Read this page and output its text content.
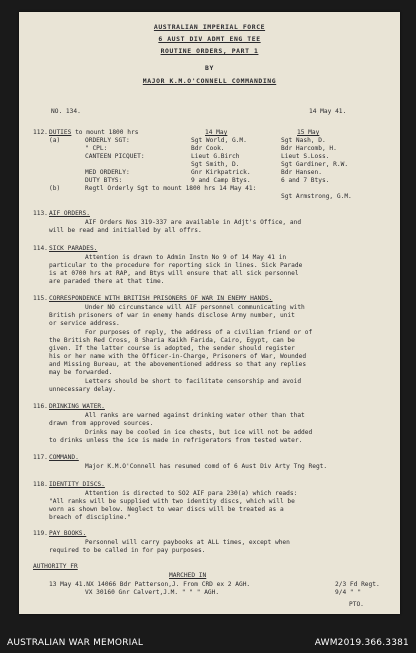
AUSTRALIAN IMPERIAL FORCE
6 AUST DIV ADMT ENG TEE
ROUTINE ORDERS, PART 1
BY
MAJOR K.M.O'CONNELL COMMANDING
NO. 134.	14 May 41.
112. DUTIES to mount 1800 hrs	14 May	15 May
(a)	ORDERLY SGT:	Sgt World, G.M.	Sgt Nash, D.
" CPL:	Bdr Cook.	Bdr Harcomb, H.
CANTEEN PICQUET:	Lieut G.Birch	Lieut S.Loss.
Sgt Smith, D.	Sgt Gardiner, R.W.
MED ORDERLY:	Gnr Kirkpatrick.	Bdr Hansen.
DUTY BTYS:	9 and Camp Btys.	6 and 7 Btys.
(b)	Regtl Orderly Sgt to mount 1800 hrs 14 May 41:
Sgt Armstrong, G.M.
113. AIF ORDERS.
AIF Orders Nos 319-337 are available in Adjt's Office, and
will be read and initialled by all offrs.
114. SICK PARADES.
Attention is drawn to Admin Instn No 9 of 14 May 41 in
particular to the procedure for reporting sick in lines. Sick Parade
is at 0700 hrs at RAP, and Btys will ensure that all sick personnel
are paraded there at that time.
115. CORRESPONDENCE WITH BRITISH PRISONERS OF WAR IN ENEMY HANDS.
Under NO circumstance will AIF personnel communicating with
British prisoners of war in enemy hands disclose Army number, unit
or service address.
For purposes of reply, the address of a civilian friend or of
the British Red Cross, 8 Sharia Kaikh Farida, Cairo, Egypt, can be
given. If the latter course is adopted, the sender should register
his or her name with the Officer-in-Charge, Prisoners of War, Wounded
and Missing Bureau, at the abovementioned address so that any replies
may be forwarded.
Letters should be short to facilitate censorship and avoid
unnecessary delay.
116. DRINKING WATER.
All ranks are warned against drinking water other than that
drawn from approved sources.
Drinks may be cooled in ice chests, but ice will not be added
to drinks unless the ice is made in refrigerators from tested water.
117. COMMAND.
Major K.M.O'Connell has resumed comd of 6 Aust Div Arty Tng Regt.
118. IDENTITY DISCS.
Attention is directed to SO2 AIF para 230(a) which reads:
"All ranks will be supplied with two identity discs, which will be
worn as shown below. Neglect to wear discs will be treated as a
breach of discipline."
119. PAY BOOKS.
Personnel will carry paybooks at ALL times, except when
required to be called in for pay purposes.
AUTHORITY FR
MARCHED IN
13 May 41.NX 14066 Bdr Patterson,J. From CRD ex 2 AGH.	2/3 Fd Regt.
VX 30160 Gnr Calvert,J.M. " " " AGH.	9/4 " "
PTO.
AUSTRALIAN WAR MEMORIAL	AWM2019.366.3381
